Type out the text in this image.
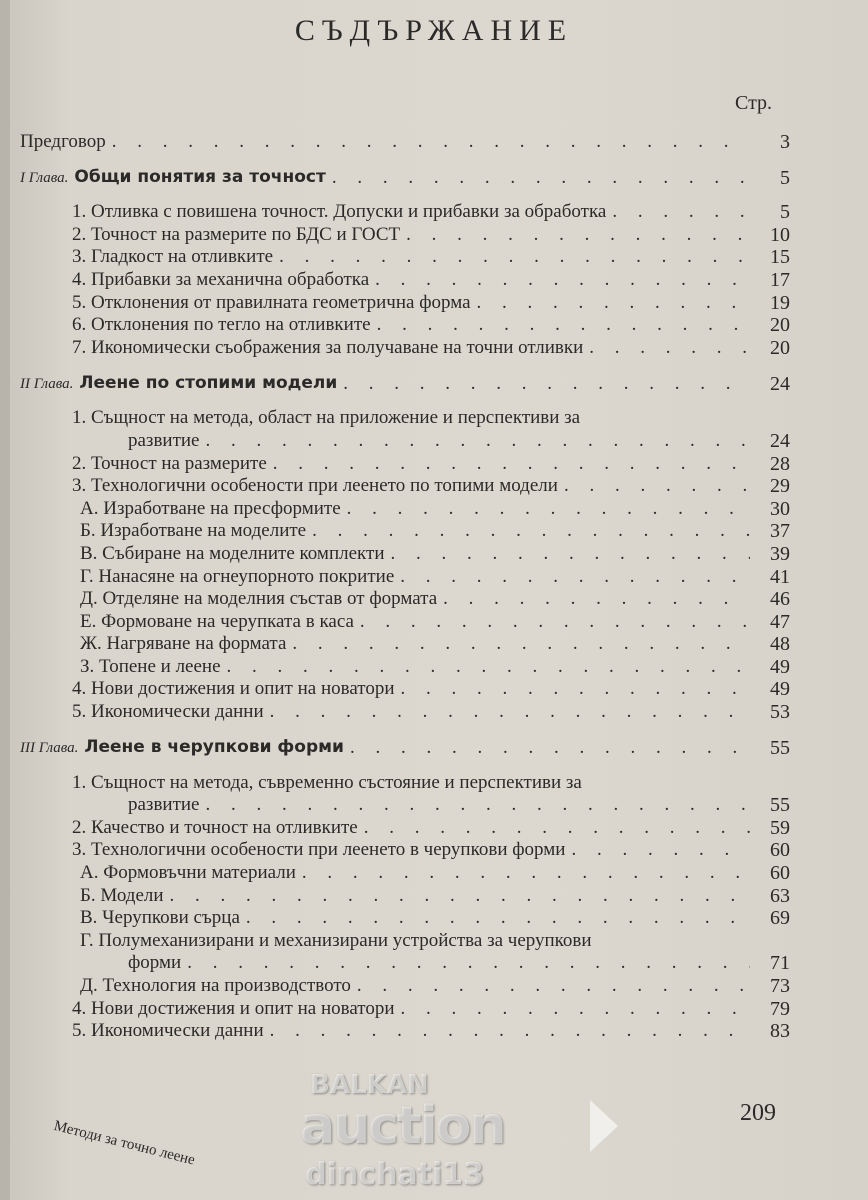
СЪДЪРЖАНИЕ
Стр.
Предговор . . .	3
I Глава. Общи понятия за точност . . .	5
1. Отливка с повишена точност. Допуски и прибавки за обработка . . .	5
2. Точност на размерите по БДС и ГОСТ . . .	10
3. Гладкост на отливките . . .	15
4. Прибавки за механична обработка . . .	17
5. Отклонения от правилната геометрична форма . . .	19
6. Отклонения по тегло на отливките . . .	20
7. Икономически съображения за получаване на точни отливки . . .	20
II Глава. Леене по стопими модели . . .	24
1. Същност на метода, област на приложение и перспективи за
развитие . . .	24
2. Точност на размерите . . .	28
3. Технологични особености при леенето по топими модели . . .	29
А. Изработване на пресформите . . .	30
Б. Изработване на моделите . . .	37
В. Събиране на моделните комплекти . . .	39
Г. Нанасяне на огнеупорното покритие . . .	41
Д. Отделяне на моделния състав от формата . . .	46
Е. Формоване на черупката в каса . . .	47
Ж. Нагряване на формата . . .	48
З. Топене и леене . . .	49
4. Нови достижения и опит на новатори . . .	49
5. Икономически данни . . .	53
III Глава. Леене в черупкови форми . . .	55
1. Същност на метода, съвременно състояние и перспективи за
развитие . . .	55
2. Качество и точност на отливките . . .	59
3. Технологични особености при леенето в черупкови форми . . .	60
А. Формовъчни материали . . .	60
Б. Модели . . .	63
В. Черупкови сърца . . .	69
Г. Полумеханизирани и механизирани устройства за черупкови
форми . . .	71
Д. Технология на производството . . .	73
4. Нови достижения и опит на новатори . . .	79
5. Икономически данни . . .	83
209
Методи за точно леене
BALKAN
auction
dinchati13
